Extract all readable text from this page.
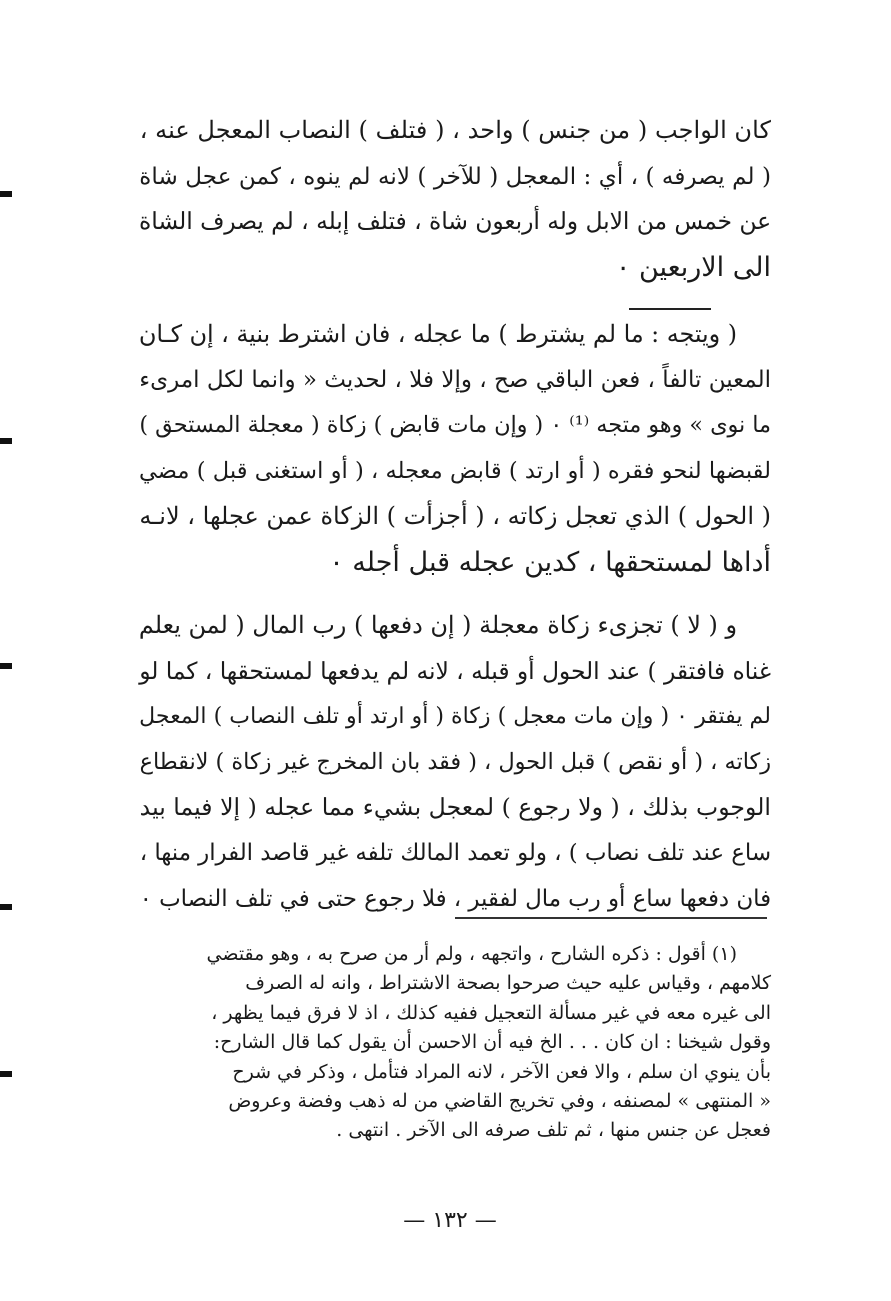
كان الواجب ( من جنس ) واحد ، ( فتلف ) النصاب المعجل عنه ،
( لم يصرفه ) ، أي : المعجل ( للآخر ) لانه لم ينوه ، كمن عجل شاة
عن خمس من الابل وله أربعون شاة ، فتلف إبله ، لم يصرف الشاة
الى الاربعين ٠

( ويتجه : ما لم يشترط ) ما عجله ، فان اشترط بنية ، إن كـان
المعين تالفاً ، فعن الباقي صح ، وإلا فلا ، لحديث « وانما لكل امرىء
ما نوى » وهو متجه ⁽¹⁾ ٠ ( وإن مات قابض ) زكاة ( معجلة المستحق )
لقبضها لنحو فقره ( أو ارتد ) قابض معجله ، ( أو استغنى قبل ) مضي
( الحول ) الذي تعجل زكاته ، ( أجزأت ) الزكاة عمن عجلها ، لانـه
أداها لمستحقها ، كدين عجله قبل أجله ٠

و ( لا ) تجزىء زكاة معجلة ( إن دفعها ) رب المال ( لمن يعلم
غناه فافتقر ) عند الحول أو قبله ، لانه لم يدفعها لمستحقها ، كما لو
لم يفتقر ٠ ( وإن مات معجل ) زكاة ( أو ارتد أو تلف النصاب ) المعجل
زكاته ، ( أو نقص ) قبل الحول ، ( فقد بان المخرج غير زكاة ) لانقطاع
الوجوب بذلك ، ( ولا رجوع ) لمعجل بشيء مما عجله ( إلا فيما بيد
ساع عند تلف نصاب ) ، ولو تعمد المالك تلفه غير قاصد الفرار منها ،
فان دفعها ساع أو رب مال لفقير ، فلا رجوع حتى في تلف النصاب ٠

(١) أقول : ذكره الشارح ، واتجهه ، ولم أر من صرح به ، وهو مقتضي
كلامهم ، وقياس عليه حيث صرحوا بصحة الاشتراط ، وانه له الصرف
الى غيره معه في غير مسألة التعجيل ففيه كذلك ، اذ لا فرق فيما يظهر ،
وقول شيخنا : ان كان . . . الخ فيه أن الاحسن أن يقول كما قال الشارح:
بأن ينوي ان سلم ، والا فعن الآخر ، لانه المراد فتأمل ، وذكر في شرح
« المنتهى » لمصنفه ، وفي تخريج القاضي من له ذهب وفضة وعروض
فعجل عن جنس منها ، ثم تلف صرفه الى الآخر . انتهى .

— ١٣٢ —
